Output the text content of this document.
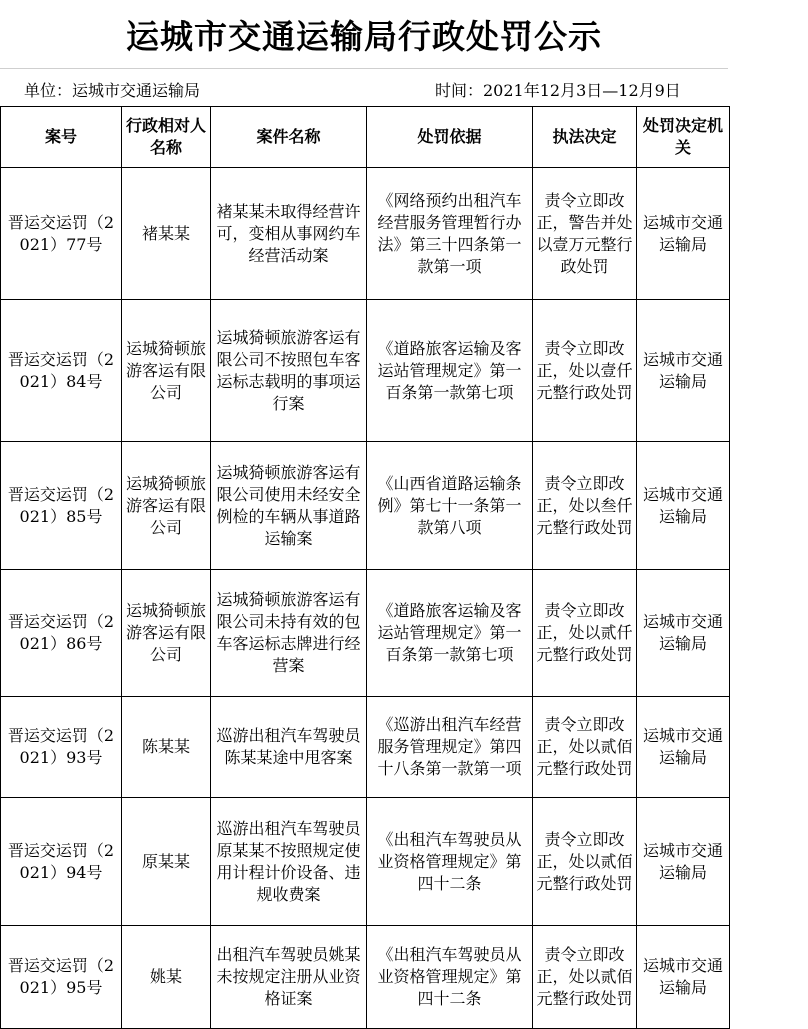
运城市交通运输局行政处罚公示
单位：运城市交通运输局	时间：2021年12月3日—12月9日
案号	行政相对人名称	案件名称	处罚依据	执法决定	处罚决定机关
晋运交运罚（2021）77号	褚某某	褚某某未取得经营许可，变相从事网约车经营活动案	《网络预约出租汽车经营服务管理暂行办法》第三十四条第一款第一项	责令立即改正，警告并处以壹万元整行政处罚	运城市交通运输局
晋运交运罚（2021）84号	运城猗顿旅游客运有限公司	运城猗顿旅游客运有限公司不按照包车客运标志载明的事项运行案	《道路旅客运输及客运站管理规定》第一百条第一款第七项	责令立即改正，处以壹仟元整行政处罚	运城市交通运输局
晋运交运罚（2021）85号	运城猗顿旅游客运有限公司	运城猗顿旅游客运有限公司使用未经安全例检的车辆从事道路运输案	《山西省道路运输条例》第七十一条第一款第八项	责令立即改正，处以叁仟元整行政处罚	运城市交通运输局
晋运交运罚（2021）86号	运城猗顿旅游客运有限公司	运城猗顿旅游客运有限公司未持有效的包车客运标志牌进行经营案	《道路旅客运输及客运站管理规定》第一百条第一款第七项	责令立即改正，处以贰仟元整行政处罚	运城市交通运输局
晋运交运罚（2021）93号	陈某某	巡游出租汽车驾驶员陈某某途中甩客案	《巡游出租汽车经营服务管理规定》第四十八条第一款第一项	责令立即改正，处以贰佰元整行政处罚	运城市交通运输局
晋运交运罚（2021）94号	原某某	巡游出租汽车驾驶员原某某不按照规定使用计程计价设备、违规收费案	《出租汽车驾驶员从业资格管理规定》第四十二条	责令立即改正，处以贰佰元整行政处罚	运城市交通运输局
晋运交运罚（2021）95号	姚某	出租汽车驾驶员姚某未按规定注册从业资格证案	《出租汽车驾驶员从业资格管理规定》第四十二条	责令立即改正，处以贰佰元整行政处罚	运城市交通运输局
